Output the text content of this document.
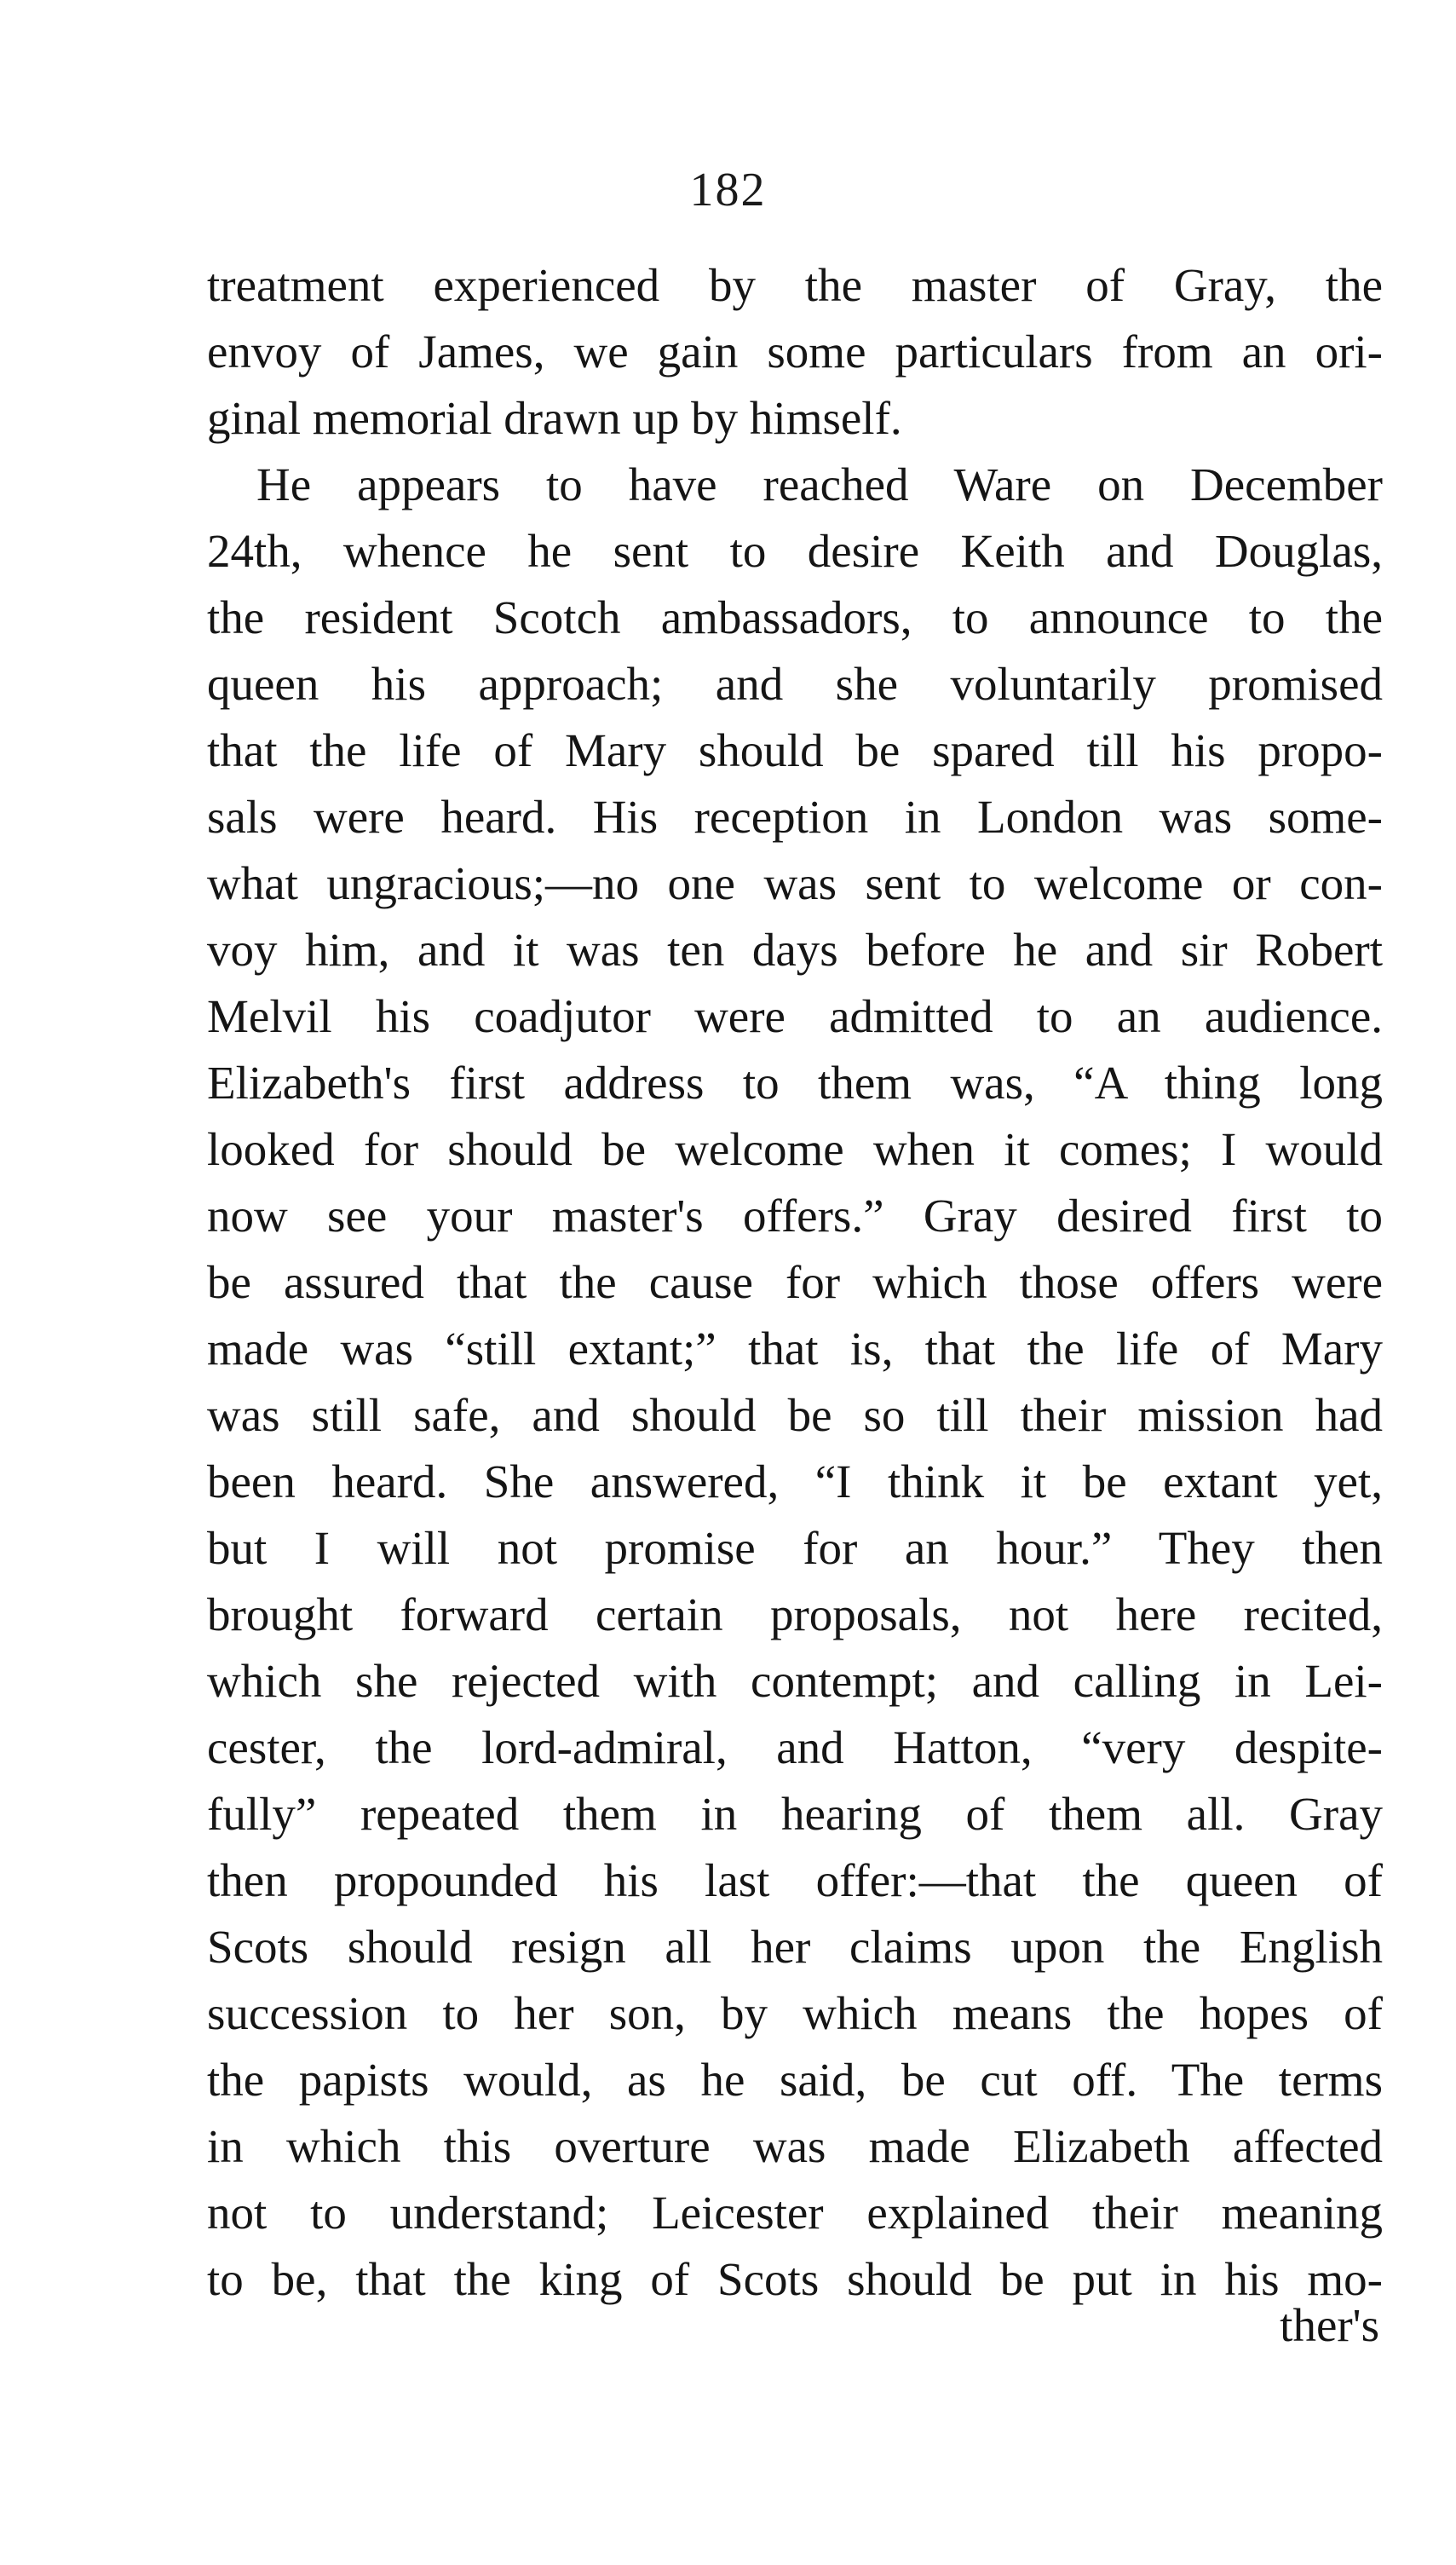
182
treatment experienced by the master of Gray, the
envoy of James, we gain some particulars from an ori-
ginal memorial drawn up by himself.
He appears to have reached Ware on December
24th, whence he sent to desire Keith and Douglas,
the resident Scotch ambassadors, to announce to the
queen his approach; and she voluntarily promised
that the life of Mary should be spared till his propo-
sals were heard. His reception in London was some-
what ungracious;—no one was sent to welcome or con-
voy him, and it was ten days before he and sir Robert
Melvil his coadjutor were admitted to an audience.
Elizabeth's first address to them was, “A thing long
looked for should be welcome when it comes; I would
now see your master's offers.” Gray desired first to
be assured that the cause for which those offers were
made was “still extant;” that is, that the life of Mary
was still safe, and should be so till their mission had
been heard. She answered, “I think it be extant yet,
but I will not promise for an hour.” They then
brought forward certain proposals, not here recited,
which she rejected with contempt; and calling in Lei-
cester, the lord-admiral, and Hatton, “very despite-
fully” repeated them in hearing of them all. Gray
then propounded his last offer:—that the queen of
Scots should resign all her claims upon the English
succession to her son, by which means the hopes of
the papists would, as he said, be cut off. The terms
in which this overture was made Elizabeth affected
not to understand; Leicester explained their meaning
to be, that the king of Scots should be put in his mo-
ther's
